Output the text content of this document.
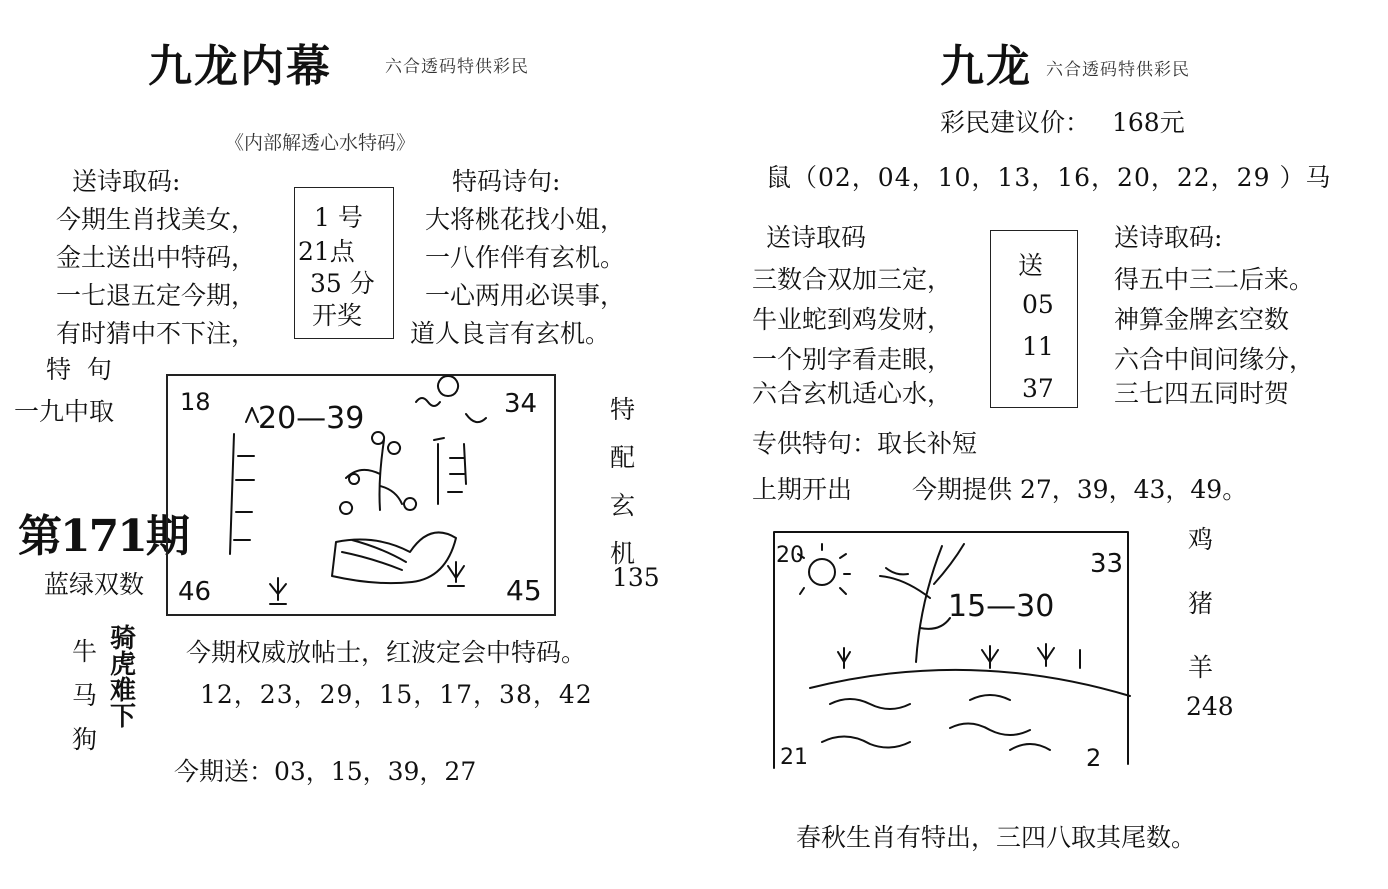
九龙内幕	六合透码特供彩民
《内部解透心水特码》
送诗取码:
今期生肖找美女，
金土送出中特码，
一七退五定今期，
有时猜中不下注，
1 号
21点
35 分
开奖
特码诗句:
大将桃花找小姐，
一八作伴有玄机。
一心两用必误事，
道人良言有玄机。
特  句
一九中取
第171期
蓝绿双数
18 20—39	34
46	45
特
配
玄
机
135
牛
马
狗
骑
虎
难
下
今期权威放帖士，红波定会中特码。
12，23，29，15，17，38，42
今期送：03，15，39，27
九龙 六合透码特供彩民
彩民建议价： 168元
鼠（02，04，10，13，16，20，22，29 ）马
送诗取码
三数合双加三定，
牛业蛇到鸡发财，
一个别字看走眼，
六合玄机适心水，
送
05
11
37
送诗取码:
得五中三二后来。
神算金牌玄空数
六合中间问缘分，
三七四五同时贺
专供特句：取长补短
上期开出 今期提供 27，39，43，49。
20
15—30
33
21	2
鸡
猪
羊
248
春秋生肖有特出，三四八取其尾数。
